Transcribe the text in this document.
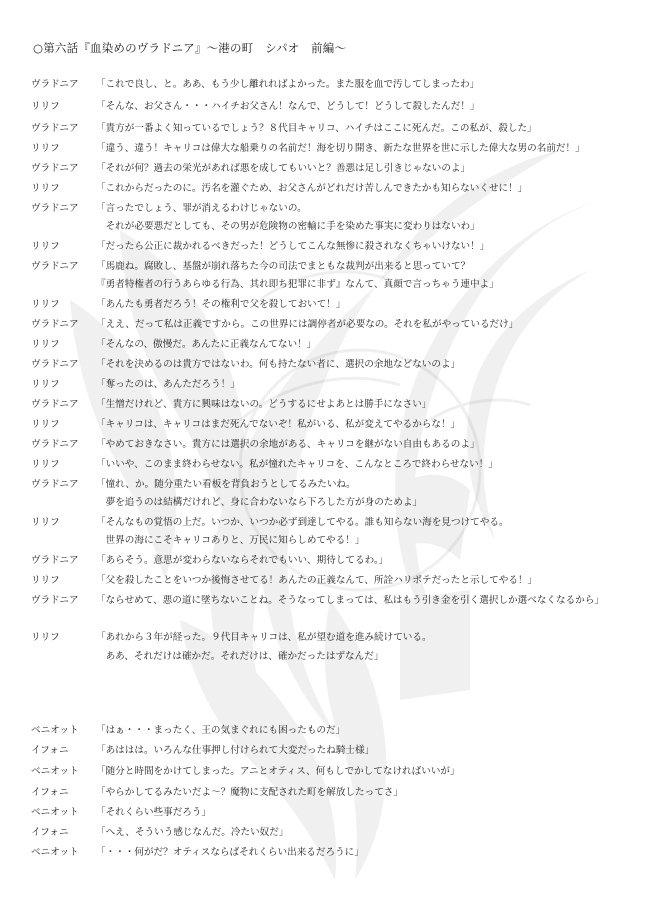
○第六話『血染めのヴラドニア』～港の町　シパオ　前編～
ヴラドニア	「これで良し、と。ああ、もう少し離れればよかった。また服を血で汚してしまったわ」
リリフ	「そんな、お父さん・・・ハイチお父さん！なんで、どうして！どうして殺したんだ！」
ヴラドニア	「貴方が一番よく知っているでしょう？８代目キャリコ、ハイチはここに死んだ。この私が、殺した」
リリフ	「違う、違う！キャリコは偉大な船乗りの名前だ！海を切り開き、新たな世界を世に示した偉大な男の名前だ！」
ヴラドニア	「それが何？過去の栄光があれば悪を成してもいいと？善悪は足し引きじゃないのよ」
リリフ	「これからだったのに。汚名を灌ぐため、お父さんがどれだけ苦しんできたかも知らないくせに！」
ヴラドニア	「言ったでしょう、罪が消えるわけじゃないの。
　それが必要悪だとしても、その男が危険物の密輸に手を染めた事実に変わりはないわ」
リリフ	「だったら公正に裁かれるべきだった！どうしてこんな無惨に殺されなくちゃいけない！」
ヴラドニア	「馬鹿ね。腐敗し、基盤が崩れ落ちた今の司法でまともな裁判が出来ると思っていて？
『勇者特権者の行うあらゆる行為、其れ即ち犯罪に非ず』なんて、真顔で言っちゃう連中よ」
リリフ	「あんたも勇者だろう！その権利で父を殺しておいて！」
ヴラドニア	「ええ、だって私は正義ですから。この世界には調停者が必要なの。それを私がやっているだけ」
リリフ	「そんなの、傲慢だ。あんたに正義なんてない！」
ヴラドニア	「それを決めるのは貴方ではないわ。何も持たない者に、選択の余地などないのよ」
リリフ	「奪ったのは、あんただろう！」
ヴラドニア	「生憎だけれど、貴方に興味はないの。どうするにせよあとは勝手になさい」
リリフ	「キャリコは、キャリコはまだ死んでないぞ！私がいる、私が変えてやるからな！」
ヴラドニア	「やめておきなさい。貴方には選択の余地がある、キャリコを継がない自由もあるのよ」
リリフ	「いいや、このまま終わらせない。私が憧れたキャリコを、こんなところで終わらせない！」
ヴラドニア	「憧れ、か。随分重たい看板を背負おうとしてるみたいね。
　夢を追うのは結構だけれど、身に合わないなら下ろした方が身のためよ」
リリフ	「そんなもの覚悟の上だ。いつか、いつか必ず到達してやる。誰も知らない海を見つけてやる。
　世界の海にこそキャリコありと、万民に知らしめてやる！」
ヴラドニア	「あらそう。意思が変わらないならそれでもいい、期待してるわ。」
リリフ	「父を殺したことをいつか後悔させてる！あんたの正義なんて、所詮ハリボテだったと示してやる！」
ヴラドニア	「ならせめて、悪の道に墜ちないことね。そうなってしまっては、私はもう引き金を引く選択しか選べなくなるから」
リリフ	「あれから３年が経った。９代目キャリコは、私が望む道を進み続けている。
　ああ、それだけは確かだ。それだけは、確かだったはずなんだ」
ベニオット	「はぁ・・・まったく、王の気まぐれにも困ったものだ」
イフォニ	「あははは。いろんな仕事押し付けられて大変だったね騎士様」
ベニオット	「随分と時間をかけてしまった。アニとオティス、何もしでかしてなければいいが」
イフォニ	「やらかしてるみたいだよ～？魔物に支配された町を解放したってさ」
ベニオット	「それくらい些事だろう」
イフォニ	「へえ、そういう感じなんだ。冷たい奴だ」
ベニオット	「・・・何がだ？オティスならばそれくらい出来るだろうに」
